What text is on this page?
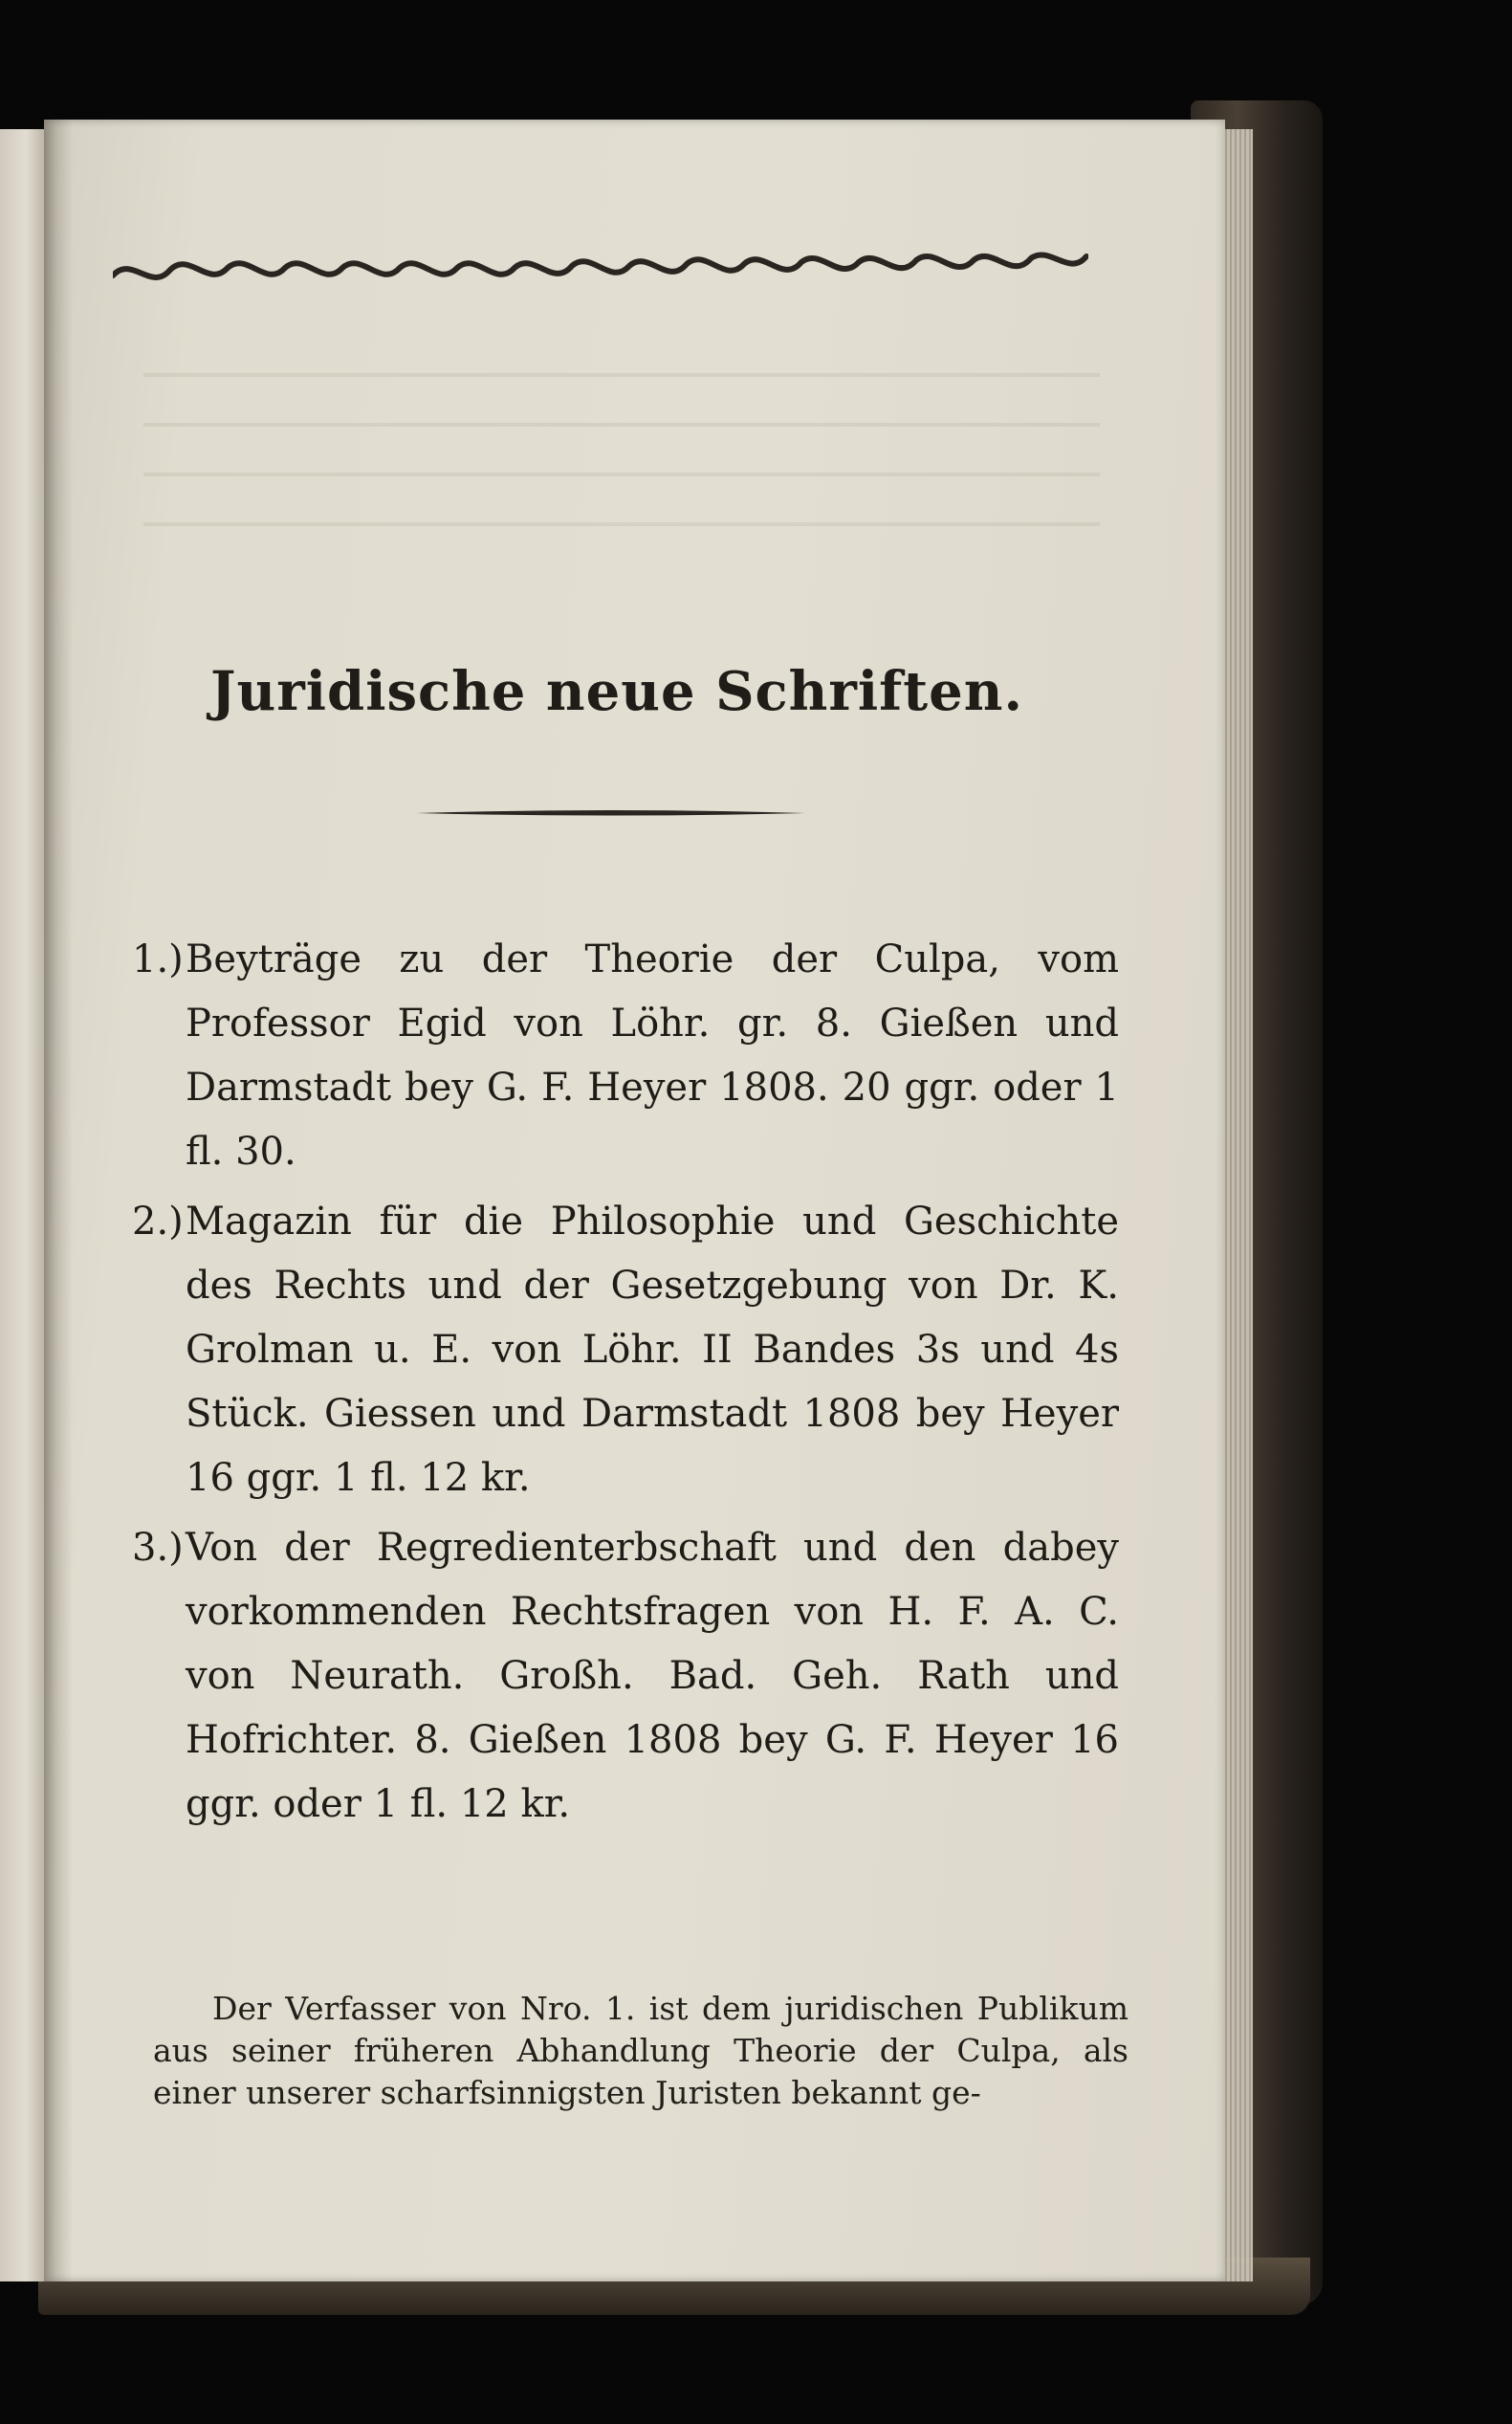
Juridische neue Schriften.
1.) Beyträge zu der Theorie der Culpa, vom Professor Egid von Löhr. gr. 8. Gießen und Darmstadt bey G. F. Heyer 1808. 20 ggr. oder 1 fl. 30.
2.) Magazin für die Philosophie und Geschichte des Rechts und der Gesetzgebung von Dr. K. Grolman u. E. von Löhr. II Bandes 3s und 4s Stück. Giessen und Darmstadt 1808 bey Heyer 16 ggr. 1 fl. 12 kr.
3.) Von der Regredienterbschaft und den dabey vorkommenden Rechtsfragen von H. F. A. C. von Neurath. Großh. Bad. Geh. Rath und Hofrichter. 8. Gießen 1808 bey G. F. Heyer 16 ggr. oder 1 fl. 12 kr.
Der Verfasser von Nro. 1. ist dem juridischen Publikum aus seiner früheren Abhandlung Theorie der Culpa, als einer unserer scharfsinnigsten Juristen bekannt ge-
